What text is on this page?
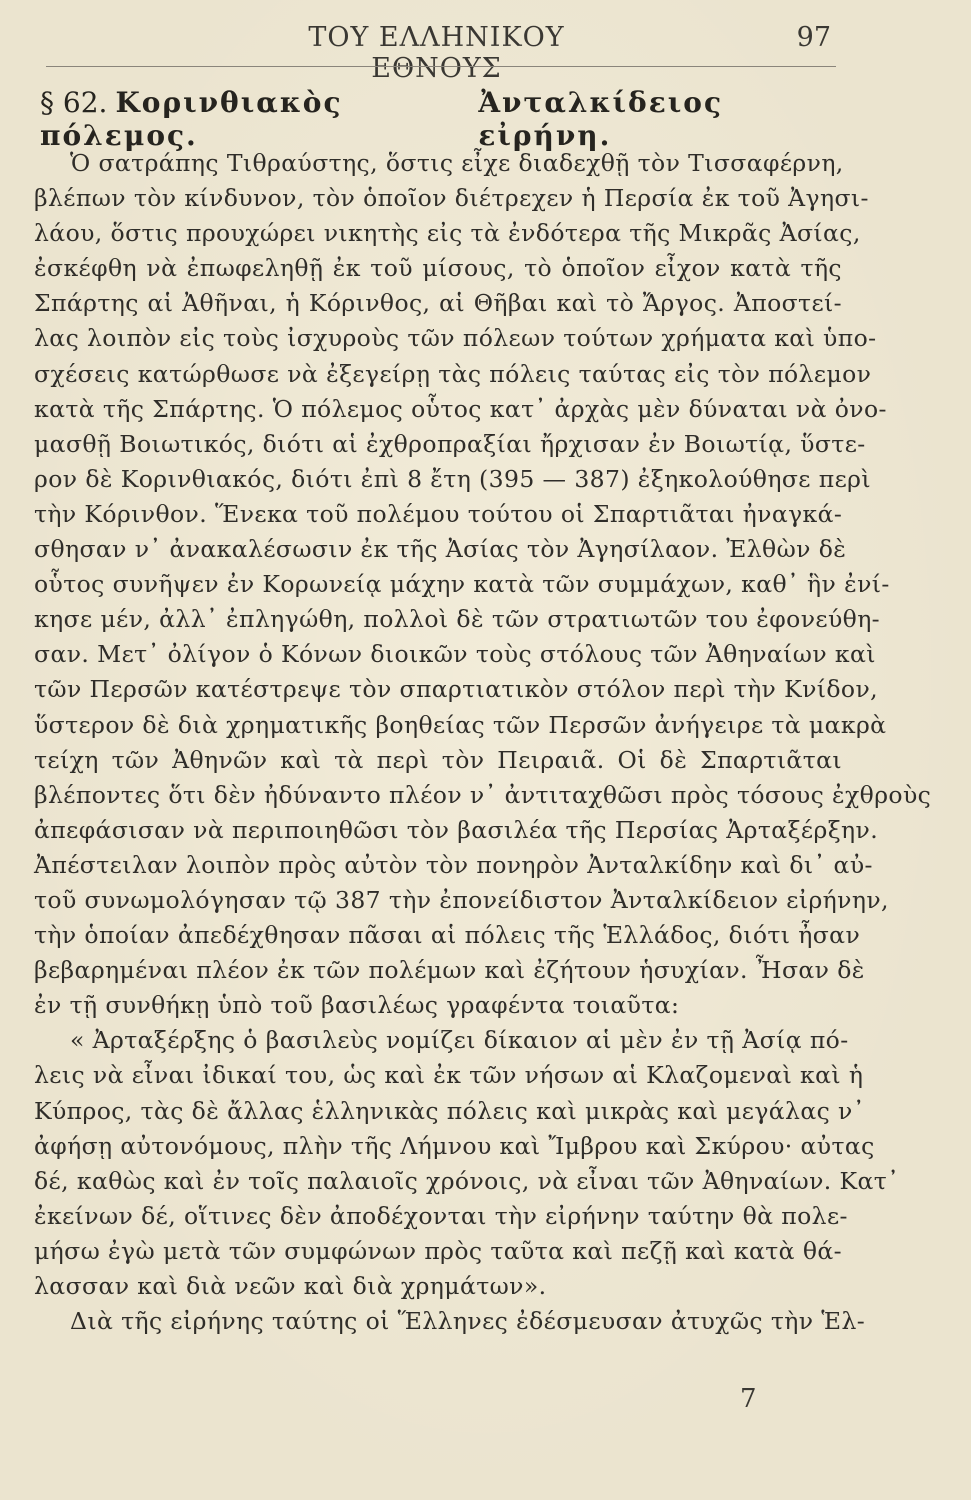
ΤΟΥ ΕΛΛΗΝΙΚΟΥ ΕΘΝΟΥΣ
97
§ 62. Κορινθιακὸς πόλεμος.
Ἀνταλκίδειος εἰρήνη.
Ὁ σατράπης Τιθραύστης, ὅστις εἶχε διαδεχθῇ τὸν Τισσαφέρνη,
βλέπων τὸν κίνδυνον, τὸν ὁποῖον διέτρεχεν ἡ Περσία ἐκ τοῦ Ἀγησι-
λάου, ὅστις προυχώρει νικητὴς εἰς τὰ ἐνδότερα τῆς Μικρᾶς Ἀσίας,
ἐσκέφθη νὰ ἐπωφεληθῇ ἐκ τοῦ μίσους, τὸ ὁποῖον εἶχον κατὰ τῆς
Σπάρτης αἱ Ἀθῆναι, ἡ Κόρινθος, αἱ Θῆβαι καὶ τὸ Ἄργος. Ἀποστεί-
λας λοιπὸν εἰς τοὺς ἰσχυροὺς τῶν πόλεων τούτων χρήματα καὶ ὑπο-
σχέσεις κατώρθωσε νὰ ἐξεγείρῃ τὰς πόλεις ταύτας εἰς τὸν πόλεμον
κατὰ τῆς Σπάρτης. Ὁ πόλεμος οὗτος κατ᾽ ἀρχὰς μὲν δύναται νὰ ὀνο-
μασθῇ Βοιωτικός, διότι αἱ ἐχθροπραξίαι ἤρχισαν ἐν Βοιωτίᾳ, ὕστε-
ρον δὲ Κορινθιακός, διότι ἐπὶ 8 ἔτη (395 — 387) ἐξηκολούθησε περὶ
τὴν Κόρινθον. Ἕνεκα τοῦ πολέμου τούτου οἱ Σπαρτιᾶται ἠναγκά-
σθησαν ν᾽ ἀνακαλέσωσιν ἐκ τῆς Ἀσίας τὸν Ἀγησίλαον. Ἐλθὼν δὲ
οὗτος συνῆψεν ἐν Κορωνείᾳ μάχην κατὰ τῶν συμμάχων, καθ᾽ ἣν ἐνί-
κησε μέν, ἀλλ᾽ ἐπληγώθη, πολλοὶ δὲ τῶν στρατιωτῶν του ἐφονεύθη-
σαν. Μετ᾽ ὀλίγον ὁ Κόνων διοικῶν τοὺς στόλους τῶν Ἀθηναίων καὶ
τῶν Περσῶν κατέστρεψε τὸν σπαρτιατικὸν στόλον περὶ τὴν Κνίδον,
ὕστερον δὲ διὰ χρηματικῆς βοηθείας τῶν Περσῶν ἀνήγειρε τὰ μακρὰ
τείχη τῶν Ἀθηνῶν καὶ τὰ περὶ τὸν Πειραιᾶ. Οἱ δὲ Σπαρτιᾶται
βλέποντες ὅτι δὲν ἠδύναντο πλέον ν᾽ ἀντιταχθῶσι πρὸς τόσους ἐχθροὺς
ἀπεφάσισαν νὰ περιποιηθῶσι τὸν βασιλέα τῆς Περσίας Ἀρταξέρξην.
Ἀπέστειλαν λοιπὸν πρὸς αὐτὸν τὸν πονηρὸν Ἀνταλκίδην καὶ δι᾽ αὐ-
τοῦ συνωμολόγησαν τῷ 387 τὴν ἐπονείδιστον Ἀνταλκίδειον εἰρήνην,
τὴν ὁποίαν ἀπεδέχθησαν πᾶσαι αἱ πόλεις τῆς Ἑλλάδος, διότι ἦσαν
βεβαρημέναι πλέον ἐκ τῶν πολέμων καὶ ἐζήτουν ἡσυχίαν. Ἦσαν δὲ
ἐν τῇ συνθήκῃ ὑπὸ τοῦ βασιλέως γραφέντα τοιαῦτα:
« Ἀρταξέρξης ὁ βασιλεὺς νομίζει δίκαιον αἱ μὲν ἐν τῇ Ἀσίᾳ πό-
λεις νὰ εἶναι ἰδικαί του, ὡς καὶ ἐκ τῶν νήσων αἱ Κλαζομεναὶ καὶ ἡ
Κύπρος, τὰς δὲ ἄλλας ἑλληνικὰς πόλεις καὶ μικρὰς καὶ μεγάλας ν᾽
ἀφήσῃ αὐτονόμους, πλὴν τῆς Λήμνου καὶ Ἴμβρου καὶ Σκύρου· αὐτας
δέ, καθὼς καὶ ἐν τοῖς παλαιοῖς χρόνοις, νὰ εἶναι τῶν Ἀθηναίων. Κατ᾽
ἐκείνων δέ, οἵτινες δὲν ἀποδέχονται τὴν εἰρήνην ταύτην θὰ πολε-
μήσω ἐγὼ μετὰ τῶν συμφώνων πρὸς ταῦτα καὶ πεζῇ καὶ κατὰ θά-
λασσαν καὶ διὰ νεῶν καὶ διὰ χρημάτων».
Διὰ τῆς εἰρήνης ταύτης οἱ Ἕλληνες ἐδέσμευσαν ἀτυχῶς τὴν Ἑλ-
7
